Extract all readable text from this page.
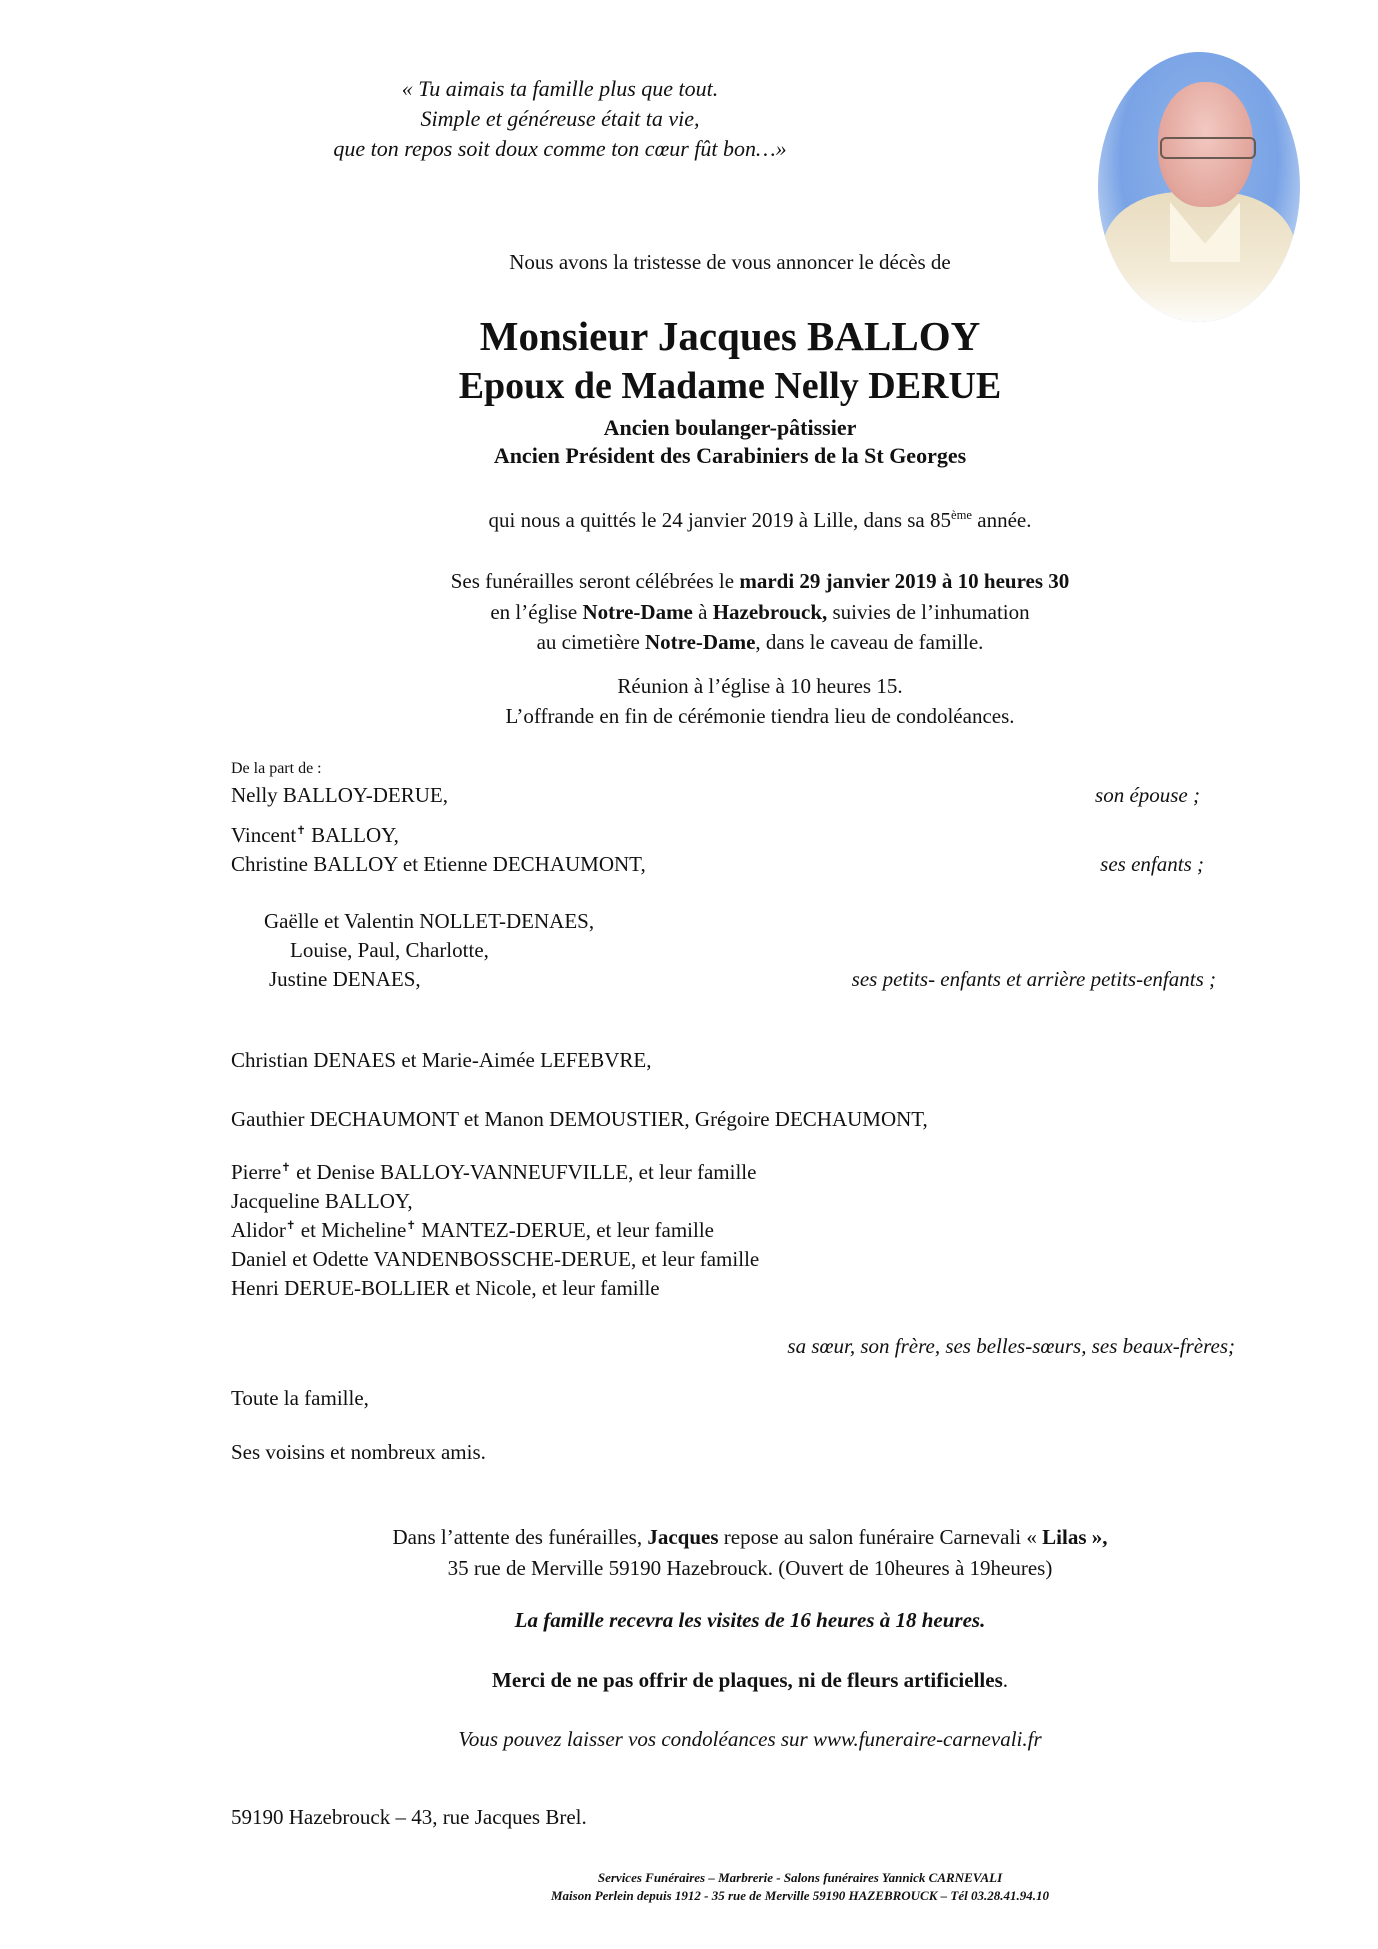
« Tu aimais ta famille plus que tout.
Simple et généreuse était ta vie,
que ton repos soit doux comme ton cœur fût bon…»
Nous avons la tristesse de vous annoncer le décès de
Monsieur Jacques BALLOY
Epoux de Madame Nelly DERUE
Ancien boulanger-pâtissier
Ancien Président des Carabiniers de la St Georges
qui nous a quittés le 24 janvier 2019 à Lille, dans sa 85ème année.
Ses funérailles seront célébrées le mardi 29 janvier 2019 à 10 heures 30
en l’église Notre-Dame à Hazebrouck, suivies de l’inhumation
au cimetière Notre-Dame, dans le caveau de famille.
Réunion à l’église à 10 heures 15.
L’offrande en fin de cérémonie tiendra lieu de condoléances.
De la part de :
Nelly BALLOY-DERUE,	son épouse ;
Vincent✝ BALLOY,
Christine BALLOY et Etienne DECHAUMONT,	ses enfants ;
Gaëlle et Valentin NOLLET-DENAES,
Louise, Paul, Charlotte,
Justine DENAES,	ses petits- enfants et arrière petits-enfants ;
Christian DENAES et Marie-Aimée LEFEBVRE,
Gauthier DECHAUMONT et Manon DEMOUSTIER, Grégoire DECHAUMONT,
Pierre✝ et Denise BALLOY-VANNEUFVILLE, et leur famille
Jacqueline BALLOY,
Alidor✝ et Micheline✝ MANTEZ-DERUE, et leur famille
Daniel et Odette VANDENBOSSCHE-DERUE, et leur famille
Henri DERUE-BOLLIER et Nicole, et leur famille
sa sœur, son frère, ses belles-sœurs, ses beaux-frères;
Toute la famille,
Ses voisins et nombreux amis.
Dans l’attente des funérailles, Jacques repose au salon funéraire Carnevali « Lilas »,
35 rue de Merville 59190 Hazebrouck. (Ouvert de 10heures à 19heures)
La famille recevra les visites de 16 heures à 18 heures.
Merci de ne pas offrir de plaques, ni de fleurs artificielles.
Vous pouvez laisser vos condoléances sur www.funeraire-carnevali.fr
59190 Hazebrouck – 43, rue Jacques Brel.
Services Funéraires – Marbrerie - Salons funéraires Yannick CARNEVALI
Maison Perlein depuis 1912 - 35 rue de Merville 59190 HAZEBROUCK – Tél 03.28.41.94.10
